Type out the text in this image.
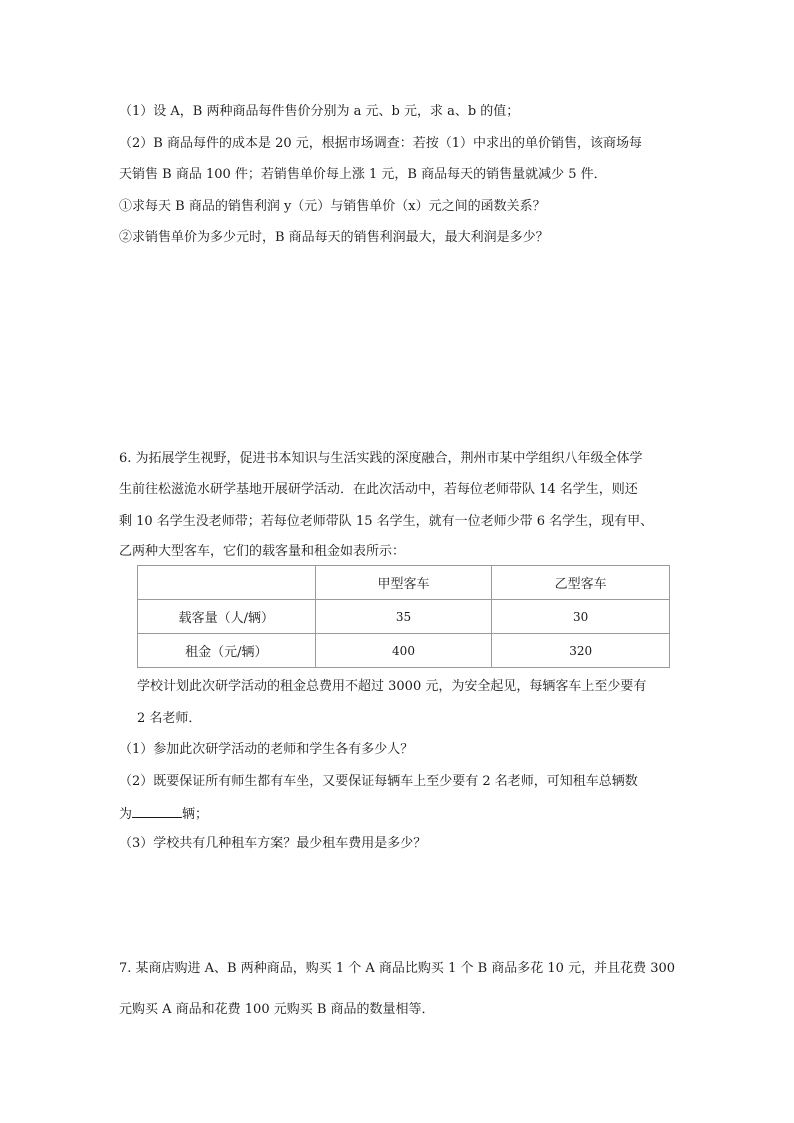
（1）设 A，B 两种商品每件售价分别为 a 元、b 元，求 a、b 的值；
（2）B 商品每件的成本是 20 元，根据市场调查：若按（1）中求出的单价销售，该商场每
天销售 B 商品 100 件；若销售单价每上涨 1 元，B 商品每天的销售量就减少 5 件．
①求每天 B 商品的销售利润 y（元）与销售单价（x）元之间的函数关系？
②求销售单价为多少元时，B 商品每天的销售利润最大，最大利润是多少？
6. 为拓展学生视野，促进书本知识与生活实践的深度融合，荆州市某中学组织八年级全体学
生前往松滋洈水研学基地开展研学活动．在此次活动中，若每位老师带队 14 名学生，则还
剩 10 名学生没老师带；若每位老师带队 15 名学生，就有一位老师少带 6 名学生，现有甲、
乙两种大型客车，它们的载客量和租金如表所示：
	甲型客车	乙型客车
载客量（人/辆）	35	30
租金（元/辆）	400	320
学校计划此次研学活动的租金总费用不超过 3000 元，为安全起见，每辆客车上至少要有
2 名老师．
（1）参加此次研学活动的老师和学生各有多少人？
（2）既要保证所有师生都有车坐，又要保证每辆车上至少要有 2 名老师，可知租车总辆数
为	辆；
（3）学校共有几种租车方案？最少租车费用是多少？
7. 某商店购进 A、B 两种商品，购买 1 个 A 商品比购买 1 个 B 商品多花 10 元，并且花费 300
元购买 A 商品和花费 100 元购买 B 商品的数量相等．
